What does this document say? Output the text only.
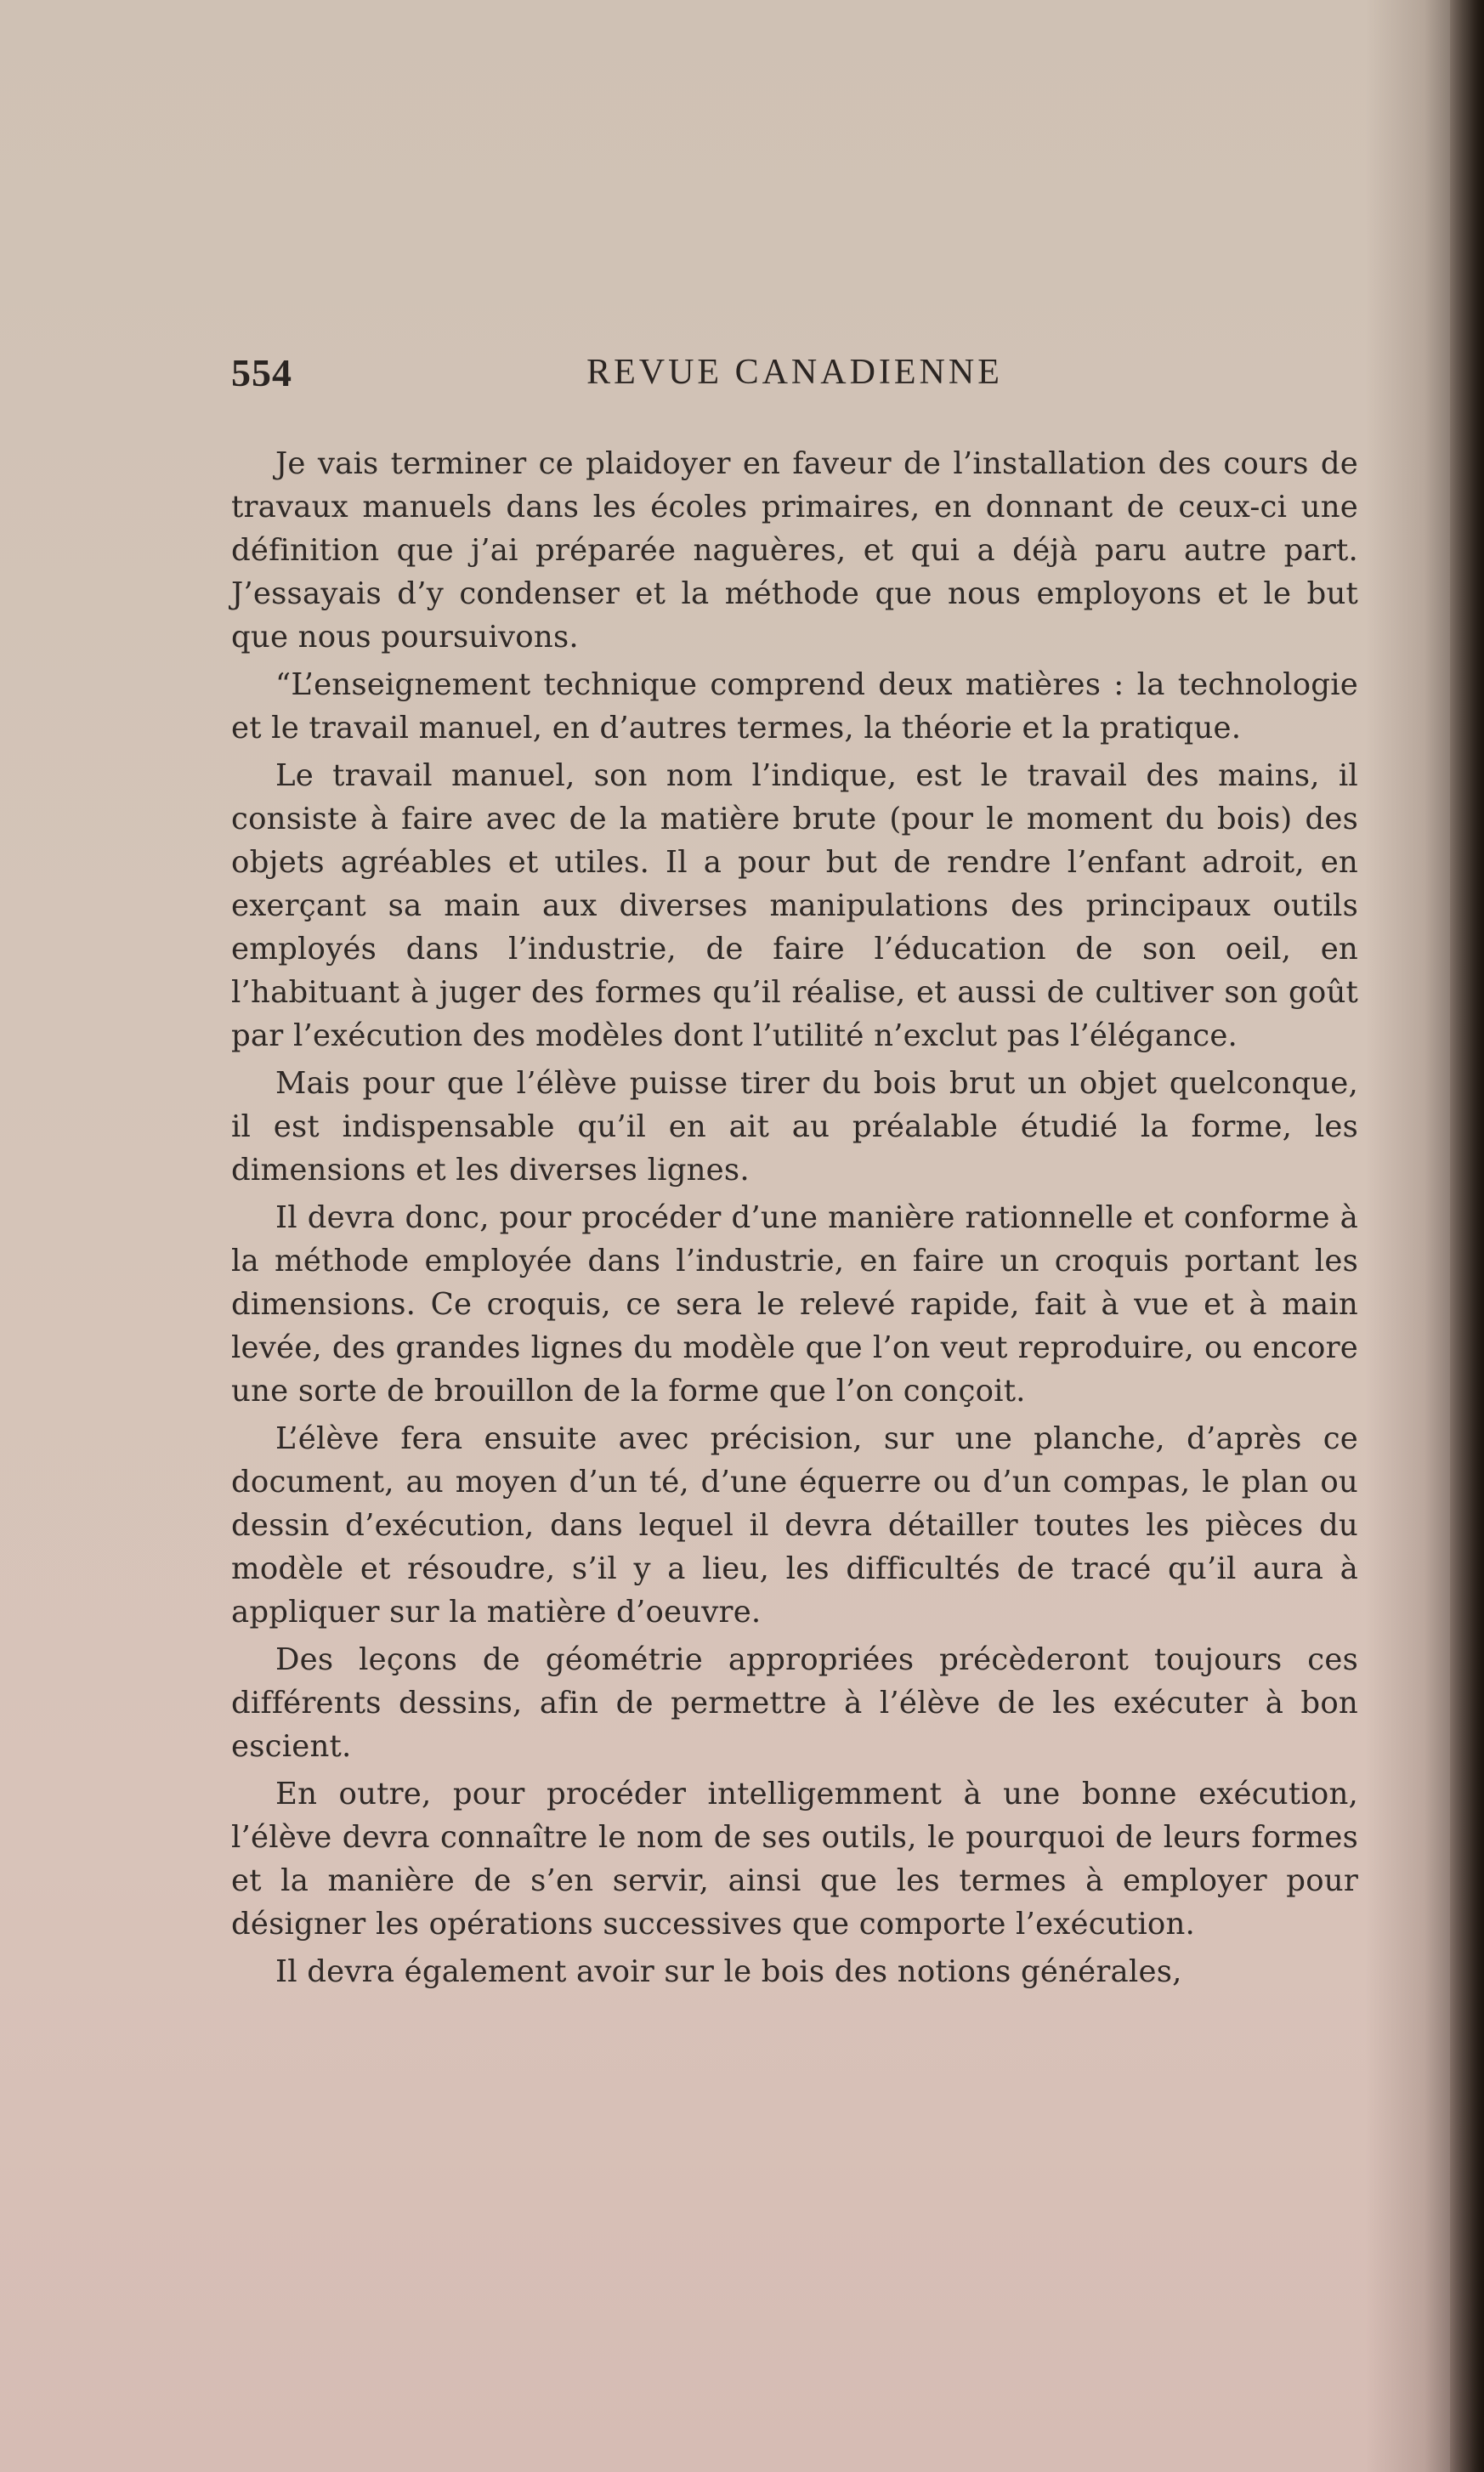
554	REVUE CANADIENNE

Je vais terminer ce plaidoyer en faveur de l’installation des cours de travaux manuels dans les écoles primaires, en donnant de ceux-ci une définition que j’ai préparée naguères, et qui a déjà paru autre part. J’essayais d’y condenser et la méthode que nous employons et le but que nous poursuivons.

“L’enseignement technique comprend deux matières : la technologie et le travail manuel, en d’autres termes, la théorie et la pratique.

Le travail manuel, son nom l’indique, est le travail des mains, il consiste à faire avec de la matière brute (pour le moment du bois) des objets agréables et utiles. Il a pour but de rendre l’enfant adroit, en exerçant sa main aux diverses manipulations des principaux outils employés dans l’industrie, de faire l’éducation de son oeil, en l’habituant à juger des formes qu’il réalise, et aussi de cultiver son goût par l’exécution des modèles dont l’utilité n’exclut pas l’élégance.

Mais pour que l’élève puisse tirer du bois brut un objet quelconque, il est indispensable qu’il en ait au préalable étudié la forme, les dimensions et les diverses lignes.

Il devra donc, pour procéder d’une manière rationnelle et conforme à la méthode employée dans l’industrie, en faire un croquis portant les dimensions. Ce croquis, ce sera le relevé rapide, fait à vue et à main levée, des grandes lignes du modèle que l’on veut reproduire, ou encore une sorte de brouillon de la forme que l’on conçoit.

L’élève fera ensuite avec précision, sur une planche, d’après ce document, au moyen d’un té, d’une équerre ou d’un compas, le plan ou dessin d’exécution, dans lequel il devra détailler toutes les pièces du modèle et résoudre, s’il y a lieu, les difficultés de tracé qu’il aura à appliquer sur la matière d’oeuvre.

Des leçons de géométrie appropriées précèderont toujours ces différents dessins, afin de permettre à l’élève de les exécuter à bon escient.

En outre, pour procéder intelligemment à une bonne exécution, l’élève devra connaître le nom de ses outils, le pourquoi de leurs formes et la manière de s’en servir, ainsi que les termes à employer pour désigner les opérations successives que comporte l’exécution.

Il devra également avoir sur le bois des notions générales,
